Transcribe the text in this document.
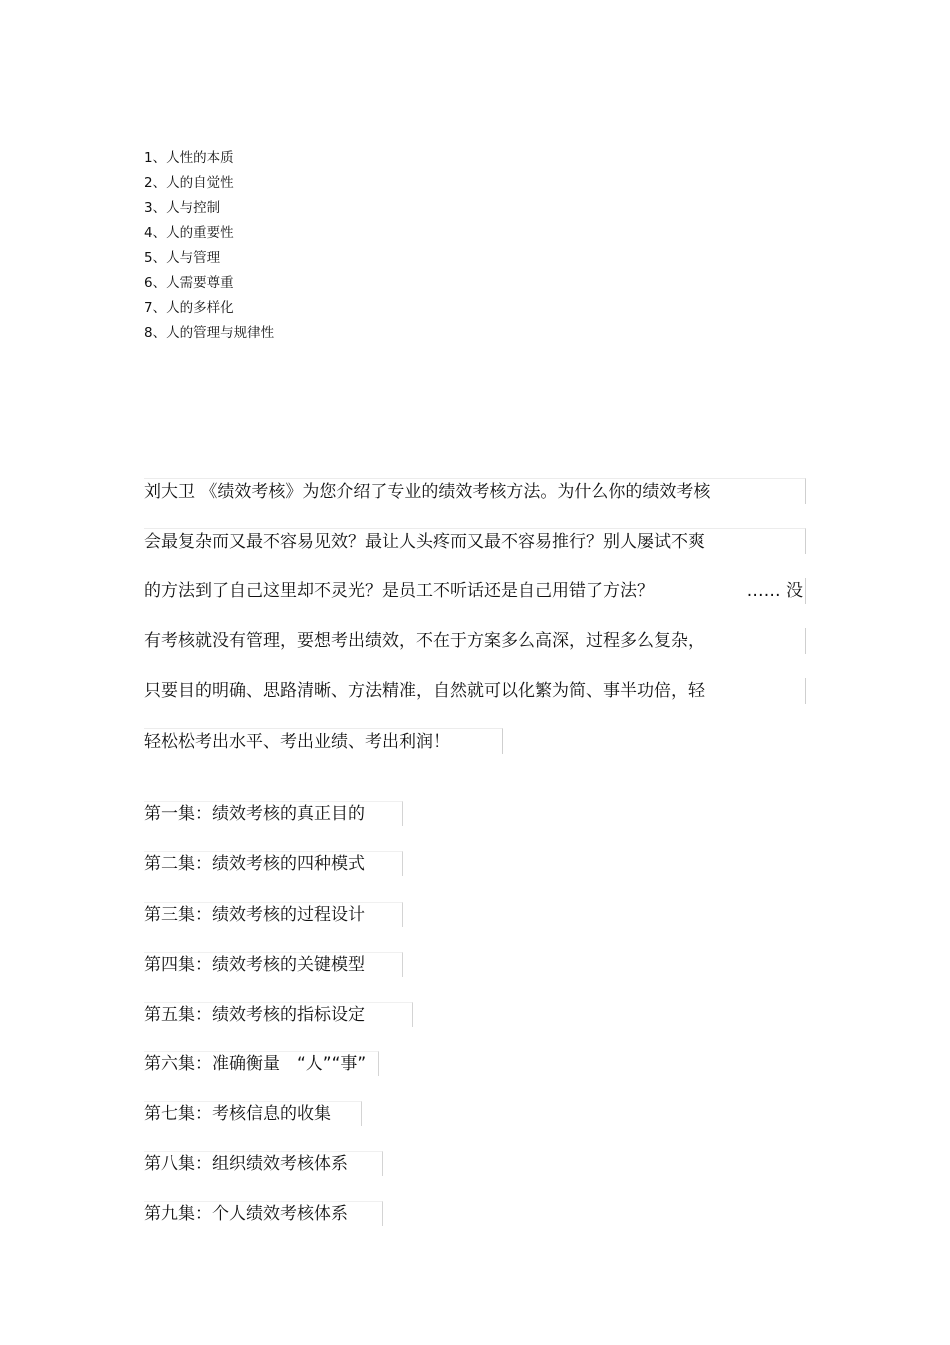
1、人性的本质
2、人的自觉性
3、人与控制
4、人的重要性
5、人与管理
6、人需要尊重
7、人的多样化
8、人的管理与规律性
刘大卫 《绩效考核》为您介绍了专业的绩效考核方法。为什么你的绩效考核
会最复杂而又最不容易见效？最让人头疼而又最不容易推行？别人屡试不爽
的方法到了自己这里却不灵光？是员工不听话还是自己用错了方法？	…… 没
有考核就没有管理，要想考出绩效，不在于方案多么高深，过程多么复杂，
只要目的明确、思路清晰、方法精准，自然就可以化繁为简、事半功倍，轻
轻松松考出水平、考出业绩、考出利润！
第一集：绩效考核的真正目的
第二集：绩效考核的四种模式
第三集：绩效考核的过程设计
第四集：绩效考核的关键模型
第五集：绩效考核的指标设定
第六集：准确衡量　“人”“事”
第七集：考核信息的收集
第八集：组织绩效考核体系
第九集：个人绩效考核体系
